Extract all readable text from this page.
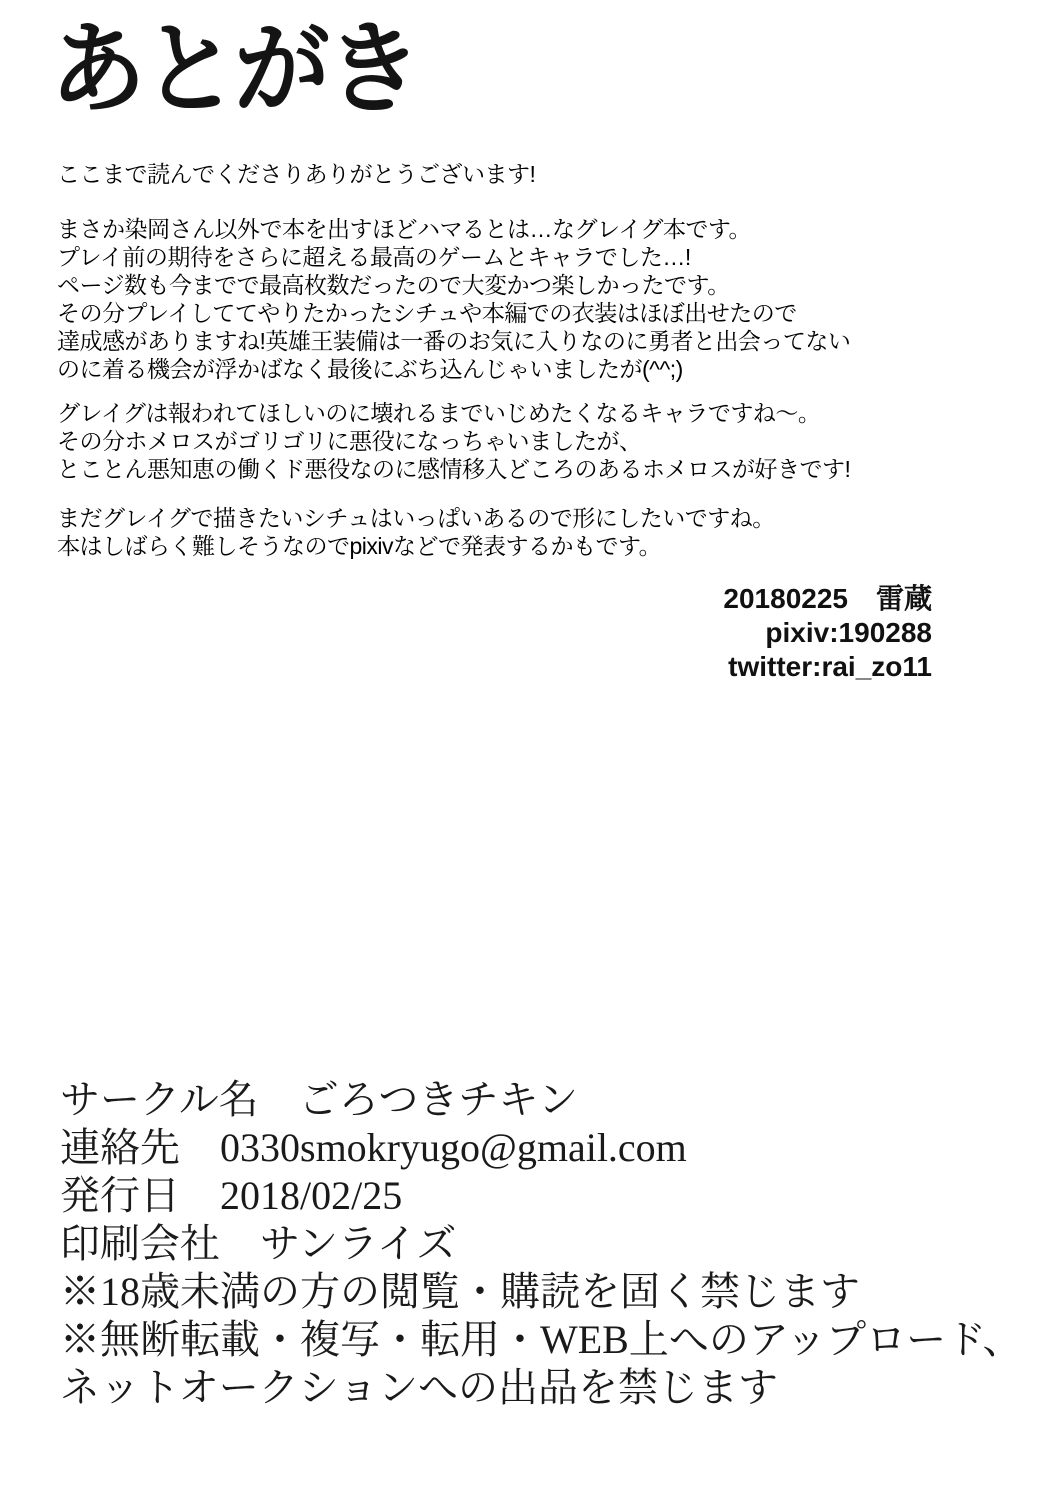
あとがき

ここまで読んでくださりありがとうございます!

まさか染岡さん以外で本を出すほどハマるとは…なグレイグ本です。

プレイ前の期待をさらに超える最高のゲームとキャラでした…!

ページ数も今までで最高枚数だったので大変かつ楽しかったです。

その分プレイしててやりたかったシチュや本編での衣装はほぼ出せたので

達成感がありますね!英雄王装備は一番のお気に入りなのに勇者と出会ってない

のに着る機会が浮かばなく最後にぶち込んじゃいましたが(^^;)

グレイグは報われてほしいのに壊れるまでいじめたくなるキャラですね〜。

その分ホメロスがゴリゴリに悪役になっちゃいましたが、

とことん悪知恵の働くド悪役なのに感情移入どころのあるホメロスが好きです!

まだグレイグで描きたいシチュはいっぱいあるので形にしたいですね。

本はしばらく難しそうなのでpixivなどで発表するかもです。

20180225　雷蔵

pixiv:190288

twitter:rai_zo11

サークル名　ごろつきチキン

連絡先　0330smokryugo@gmail.com

発行日　2018/02/25

印刷会社　サンライズ

※18歳未満の方の閲覧・購読を固く禁じます

※無断転載・複写・転用・WEB上へのアップロード、

ネットオークションへの出品を禁じます
